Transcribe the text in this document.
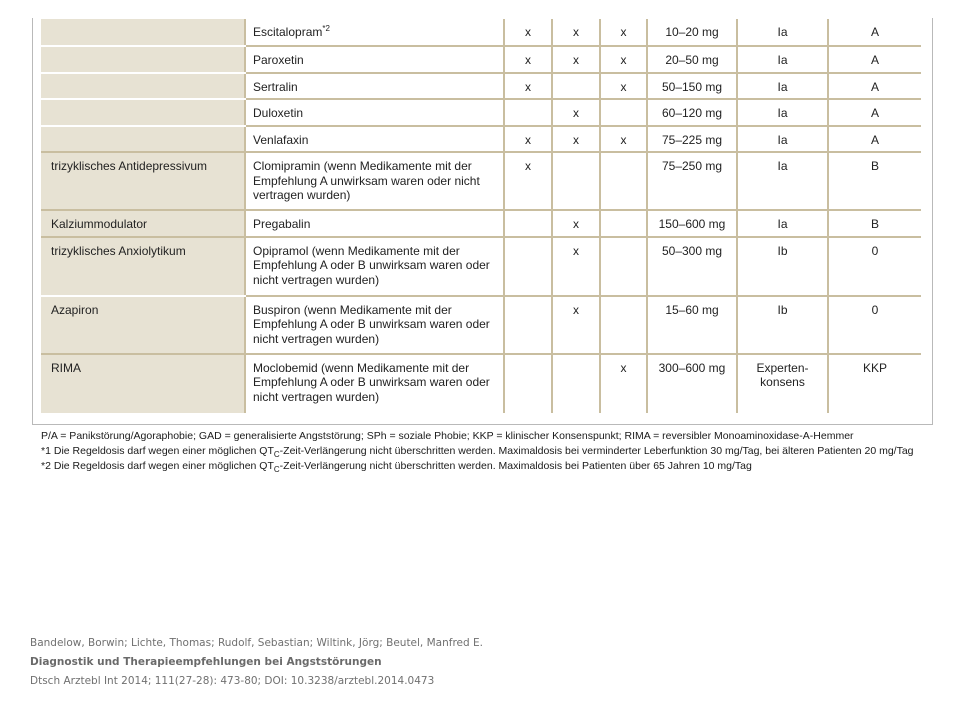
	Escitalopram$^{*2}$	x	x	x	10–20 mg	Ia	A
	Paroxetin	x	x	x	20–50 mg	Ia	A
	Sertralin	x		x	50–150 mg	Ia	A
	Duloxetin		x		60–120 mg	Ia	A
	Venlafaxin	x	x	x	75–225 mg	Ia	A
trizyklisches Antidepressivum	Clomipramin (wenn Medikamente mit der Empfehlung A unwirksam waren oder nicht vertragen wurden)	x			75–250 mg	Ia	B
Kalziummodulator	Pregabalin		x		150–600 mg	Ia	B
trizyklisches Anxiolytikum	Opipramol (wenn Medikamente mit der Empfehlung A oder B unwirksam waren oder nicht vertragen wurden)		x		50–300 mg	Ib	0
Azapiron	Buspiron (wenn Medikamente mit der Empfehlung A oder B unwirksam waren oder nicht vertragen wurden)		x		15–60 mg	Ib	0
RIMA	Moclobemid (wenn Medikamente mit der Empfehlung A oder B unwirksam waren oder nicht vertragen wurden)			x	300–600 mg	Experten-konsens	KKP
P/A = Panikstörung/Agoraphobie; GAD = generalisierte Angststörung; SPh = soziale Phobie; KKP = klinischer Konsenspunkt; RIMA = reversibler Monoaminoxidase-A-Hemmer
*1 Die Regeldosis darf wegen einer möglichen $QT_C-Zeit$-Verlängerung nicht überschritten werden. Maximaldosis bei verminderter Leberfunktion 30 mg/Tag, bei älteren Patienten 20 mg/Tag
*2 Die Regeldosis darf wegen einer möglichen $QT_C-Zeit$-Verlängerung nicht überschritten werden. Maximaldosis bei Patienten über 65 Jahren 10 mg/Tag
Bandelow, Borwin; Lichte, Thomas; Rudolf, Sebastian; Wiltink, Jörg; Beutel, Manfred E.
Diagnostik und Therapieempfehlungen bei Angststörungen
Dtsch Arztebl Int 2014; 111(27-28): 473-80; DOI: 10.3238/arztebl.2014.0473
